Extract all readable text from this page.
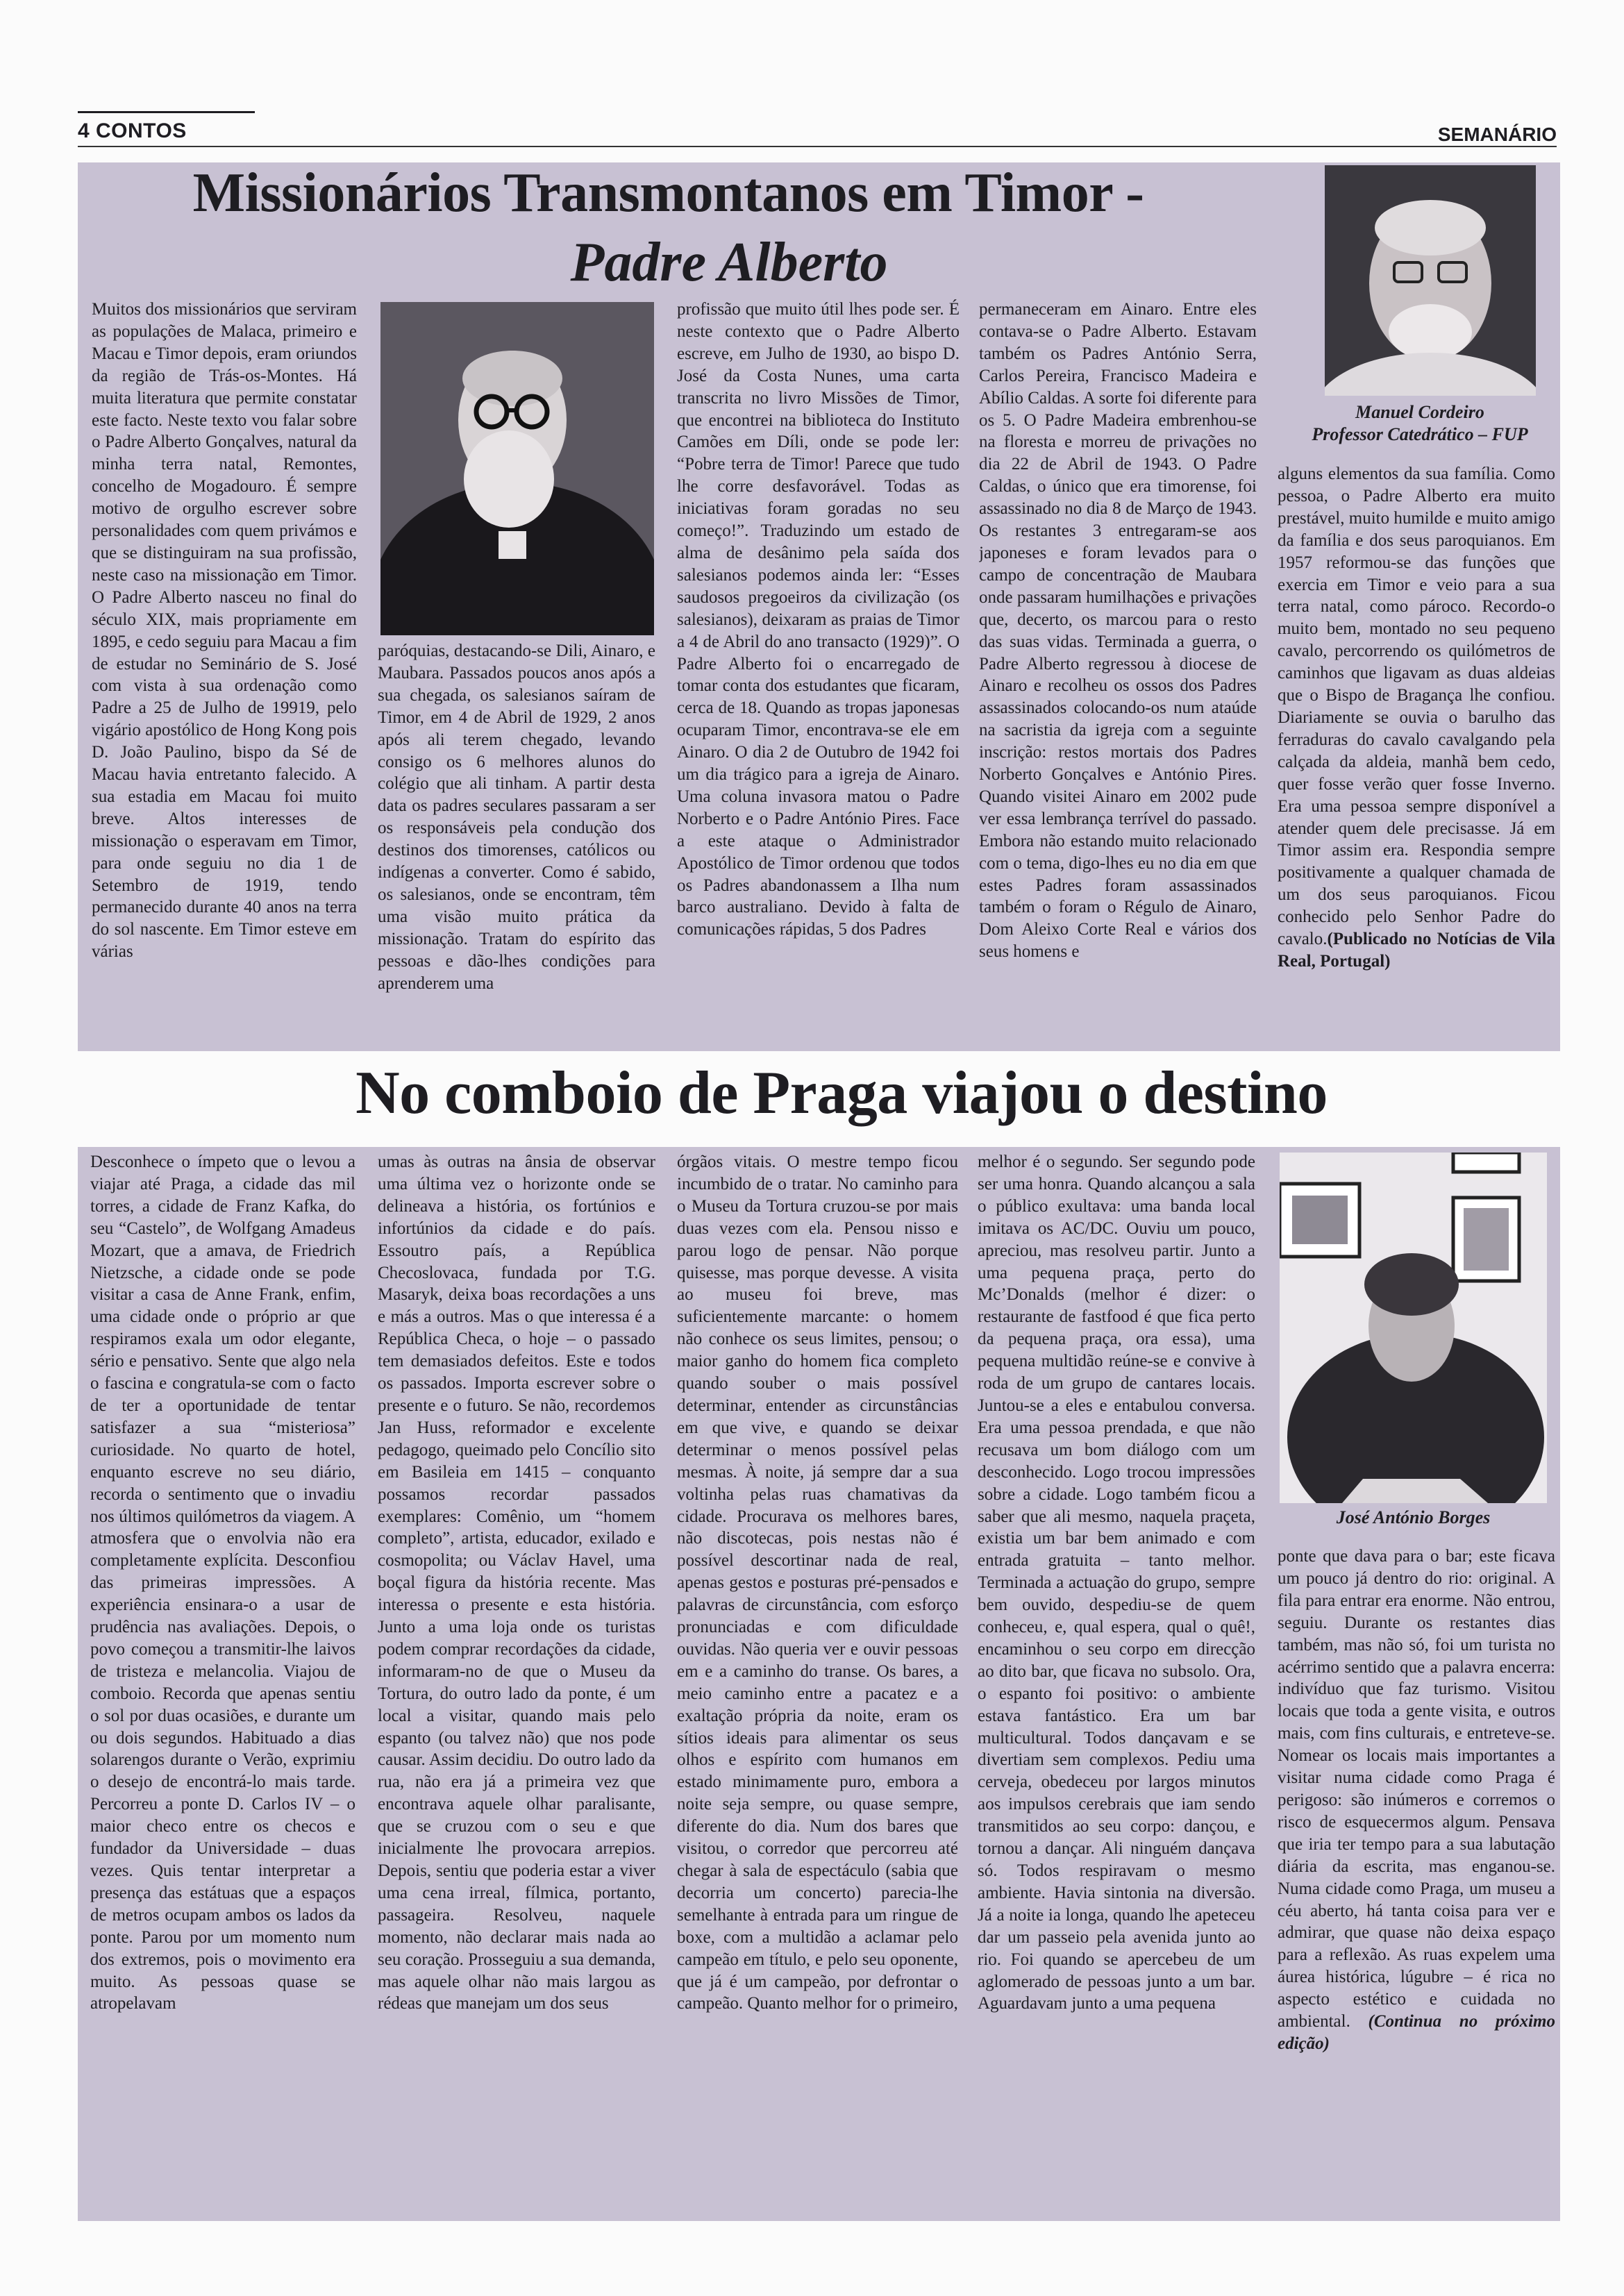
4 CONTOS	SEMANÁRIO
Missionários Transmontanos em Timor -
Padre Alberto
Manuel Cordeiro
Professor Catedrático – FUP

Muitos dos missionários que serviram as populações de Malaca, primeiro e Macau e Timor depois, eram oriundos da região de Trás-os-Montes. Há muita literatura que permite constatar este facto. Neste texto vou falar sobre o Padre Alberto Gonçalves, natural da minha terra natal, Remontes, concelho de Mogadouro. É sempre motivo de orgulho escrever sobre personalidades com quem privámos e que se distinguiram na sua profissão, neste caso na missionação em Timor. O Padre Alberto nasceu no final do século XIX, mais propriamente em 1895, e cedo seguiu para Macau a fim de estudar no Seminário de S. José com vista à sua ordenação como Padre a 25 de Julho de 19919, pelo vigário apostólico de Hong Kong pois D. João Paulino, bispo da Sé de Macau havia entretanto falecido. A sua estadia em Macau foi muito breve. Altos interesses de missionação o esperavam em Timor, para onde seguiu no dia 1 de Setembro de 1919, tendo permanecido durante 40 anos na terra do sol nascente. Em Timor esteve em várias

paróquias, destacando-se Dili, Ainaro, e Maubara. Passados poucos anos após a sua chegada, os salesianos saíram de Timor, em 4 de Abril de 1929, 2 anos após ali terem chegado, levando consigo os 6 melhores alunos do colégio que ali tinham. A partir desta data os padres seculares passaram a ser os responsáveis pela condução dos destinos dos timorenses, católicos ou indígenas a converter. Como é sabido, os salesianos, onde se encontram, têm uma visão muito prática da missionação. Tratam do espírito das pessoas e dão-lhes condições para aprenderem uma

profissão que muito útil lhes pode ser. É neste contexto que o Padre Alberto escreve, em Julho de 1930, ao bispo D. José da Costa Nunes, uma carta transcrita no livro Missões de Timor, que encontrei na biblioteca do Instituto Camões em Díli, onde se pode ler: “Pobre terra de Timor! Parece que tudo lhe corre desfavorável. Todas as iniciativas foram goradas no seu começo!”. Traduzindo um estado de alma de desânimo pela saída dos salesianos podemos ainda ler: “Esses saudosos pregoeiros da civilização (os salesianos), deixaram as praias de Timor a 4 de Abril do ano transacto (1929)”. O Padre Alberto foi o encarregado de tomar conta dos estudantes que ficaram, cerca de 18. Quando as tropas japonesas ocuparam Timor, encontrava-se ele em Ainaro. O dia 2 de Outubro de 1942 foi um dia trágico para a igreja de Ainaro. Uma coluna invasora matou o Padre Norberto e o Padre António Pires. Face a este ataque o Administrador Apostólico de Timor ordenou que todos os Padres abandonassem a Ilha num barco australiano. Devido à falta de comunicações rápidas, 5 dos Padres

permaneceram em Ainaro. Entre eles contava-se o Padre Alberto. Estavam também os Padres António Serra, Carlos Pereira, Francisco Madeira e Abílio Caldas. A sorte foi diferente para os 5. O Padre Madeira embrenhou-se na floresta e morreu de privações no dia 22 de Abril de 1943. O Padre Caldas, o único que era timorense, foi assassinado no dia 8 de Março de 1943. Os restantes 3 entregaram-se aos japoneses e foram levados para o campo de concentração de Maubara onde passaram humilhações e privações que, decerto, os marcou para o resto das suas vidas. Terminada a guerra, o Padre Alberto regressou à diocese de Ainaro e recolheu os ossos dos Padres assassinados colocando-os num ataúde na sacristia da igreja com a seguinte inscrição: restos mortais dos Padres Norberto Gonçalves e António Pires. Quando visitei Ainaro em 2002 pude ver essa lembrança terrível do passado. Embora não estando muito relacionado com o tema, digo-lhes eu no dia em que estes Padres foram assassinados também o foram o Régulo de Ainaro, Dom Aleixo Corte Real e vários dos seus homens e

alguns elementos da sua família. Como pessoa, o Padre Alberto era muito prestável, muito humilde e muito amigo da família e dos seus paroquianos. Em 1957 reformou-se das funções que exercia em Timor e veio para a sua terra natal, como pároco. Recordo-o muito bem, montado no seu pequeno cavalo, percorrendo os quilómetros de caminhos que ligavam as duas aldeias que o Bispo de Bragança lhe confiou. Diariamente se ouvia o barulho das ferraduras do cavalo cavalgando pela calçada da aldeia, manhã bem cedo, quer fosse verão quer fosse Inverno. Era uma pessoa sempre disponível a atender quem dele precisasse. Já em Timor assim era. Respondia sempre positivamente a qualquer chamada de um dos seus paroquianos. Ficou conhecido pelo Senhor Padre do cavalo.(Publicado no Notícias de Vila Real, Portugal)

No comboio de Praga viajou o destino
José António Borges

Desconhece o ímpeto que o levou a viajar até Praga, a cidade das mil torres, a cidade de Franz Kafka, do seu “Castelo”, de Wolfgang Amadeus Mozart, que a amava, de Friedrich Nietzsche, a cidade onde se pode visitar a casa de Anne Frank, enfim, uma cidade onde o próprio ar que respiramos exala um odor elegante, sério e pensativo. Sente que algo nela o fascina e congratula-se com o facto de ter a oportunidade de tentar satisfazer a sua “misteriosa” curiosidade. No quarto de hotel, enquanto escreve no seu diário, recorda o sentimento que o invadiu nos últimos quilómetros da viagem. A atmosfera que o envolvia não era completamente explícita. Desconfiou das primeiras impressões. A experiência ensinara-o a usar de prudência nas avaliações. Depois, o povo começou a transmitir-lhe laivos de tristeza e melancolia. Viajou de comboio. Recorda que apenas sentiu o sol por duas ocasiões, e durante um ou dois segundos. Habituado a dias solarengos durante o Verão, exprimiu o desejo de encontrá-lo mais tarde. Percorreu a ponte D. Carlos IV – o maior checo entre os checos e fundador da Universidade – duas vezes. Quis tentar interpretar a presença das estátuas que a espaços de metros ocupam ambos os lados da ponte. Parou por um momento num dos extremos, pois o movimento era muito. As pessoas quase se atropelavam

umas às outras na ânsia de observar uma última vez o horizonte onde se delineava a história, os fortúnios e infortúnios da cidade e do país. Essoutro país, a República Checoslovaca, fundada por T.G. Masaryk, deixa boas recordações a uns e más a outros. Mas o que interessa é a República Checa, o hoje – o passado tem demasiados defeitos. Este e todos os passados. Importa escrever sobre o presente e o futuro. Se não, recordemos Jan Huss, reformador e excelente pedagogo, queimado pelo Concílio sito em Basileia em 1415 – conquanto possamos recordar passados exemplares: Comênio, um “homem completo”, artista, educador, exilado e cosmopolita; ou Václav Havel, uma boçal figura da história recente. Mas interessa o presente e esta história. Junto a uma loja onde os turistas podem comprar recordações da cidade, informaram-no de que o Museu da Tortura, do outro lado da ponte, é um local a visitar, quando mais pelo espanto (ou talvez não) que nos pode causar. Assim decidiu. Do outro lado da rua, não era já a primeira vez que encontrava aquele olhar paralisante, que se cruzou com o seu e que inicialmente lhe provocara arrepios. Depois, sentiu que poderia estar a viver uma cena irreal, fílmica, portanto, passageira. Resolveu, naquele momento, não declarar mais nada ao seu coração. Prosseguiu a sua demanda, mas aquele olhar não mais largou as rédeas que manejam um dos seus

órgãos vitais. O mestre tempo ficou incumbido de o tratar. No caminho para o Museu da Tortura cruzou-se por mais duas vezes com ela. Pensou nisso e parou logo de pensar. Não porque quisesse, mas porque devesse. A visita ao museu foi breve, mas suficientemente marcante: o homem não conhece os seus limites, pensou; o maior ganho do homem fica completo quando souber o mais possível determinar, entender as circunstâncias em que vive, e quando se deixar determinar o menos possível pelas mesmas. À noite, já sempre dar a sua voltinha pelas ruas chamativas da cidade. Procurava os melhores bares, não discotecas, pois nestas não é possível descortinar nada de real, apenas gestos e posturas pré-pensados e palavras de circunstância, com esforço pronunciadas e com dificuldade ouvidas. Não queria ver e ouvir pessoas em e a caminho do transe. Os bares, a meio caminho entre a pacatez e a exaltação própria da noite, eram os sítios ideais para alimentar os seus olhos e espírito com humanos em estado minimamente puro, embora a noite seja sempre, ou quase sempre, diferente do dia. Num dos bares que visitou, o corredor que percorreu até chegar à sala de espectáculo (sabia que decorria um concerto) parecia-lhe semelhante à entrada para um ringue de boxe, com a multidão a aclamar pelo campeão em título, e pelo seu oponente, que já é um campeão, por defrontar o campeão. Quanto melhor for o primeiro,

melhor é o segundo. Ser segundo pode ser uma honra. Quando alcançou a sala o público exultava: uma banda local imitava os AC/DC. Ouviu um pouco, apreciou, mas resolveu partir. Junto a uma pequena praça, perto do Mc’Donalds (melhor é dizer: o restaurante de fastfood é que fica perto da pequena praça, ora essa), uma pequena multidão reúne-se e convive à roda de um grupo de cantares locais. Juntou-se a eles e entabulou conversa. Era uma pessoa prendada, e que não recusava um bom diálogo com um desconhecido. Logo trocou impressões sobre a cidade. Logo também ficou a saber que ali mesmo, naquela praçeta, existia um bar bem animado e com entrada gratuita – tanto melhor. Terminada a actuação do grupo, sempre bem ouvido, despediu-se de quem conheceu, e, qual espera, qual o quê!, encaminhou o seu corpo em direcção ao dito bar, que ficava no subsolo. Ora, o espanto foi positivo: o ambiente estava fantástico. Era um bar multicultural. Todos dançavam e se divertiam sem complexos. Pediu uma cerveja, obedeceu por largos minutos aos impulsos cerebrais que iam sendo transmitidos ao seu corpo: dançou, e tornou a dançar. Ali ninguém dançava só. Todos respiravam o mesmo ambiente. Havia sintonia na diversão. Já a noite ia longa, quando lhe apeteceu dar um passeio pela avenida junto ao rio. Foi quando se apercebeu de um aglomerado de pessoas junto a um bar. Aguardavam junto a uma pequena

ponte que dava para o bar; este ficava um pouco já dentro do rio: original. A fila para entrar era enorme. Não entrou, seguiu. Durante os restantes dias também, mas não só, foi um turista no acérrimo sentido que a palavra encerra: indivíduo que faz turismo. Visitou locais que toda a gente visita, e outros mais, com fins culturais, e entreteve-se. Nomear os locais mais importantes a visitar numa cidade como Praga é perigoso: são inúmeros e corremos o risco de esquecermos algum. Pensava que iria ter tempo para a sua labutação diária da escrita, mas enganou-se. Numa cidade como Praga, um museu a céu aberto, há tanta coisa para ver e admirar, que quase não deixa espaço para a reflexão. As ruas expelem uma áurea histórica, lúgubre – é rica no aspecto estético e cuidada no ambiental. (Continua no próximo edição)
